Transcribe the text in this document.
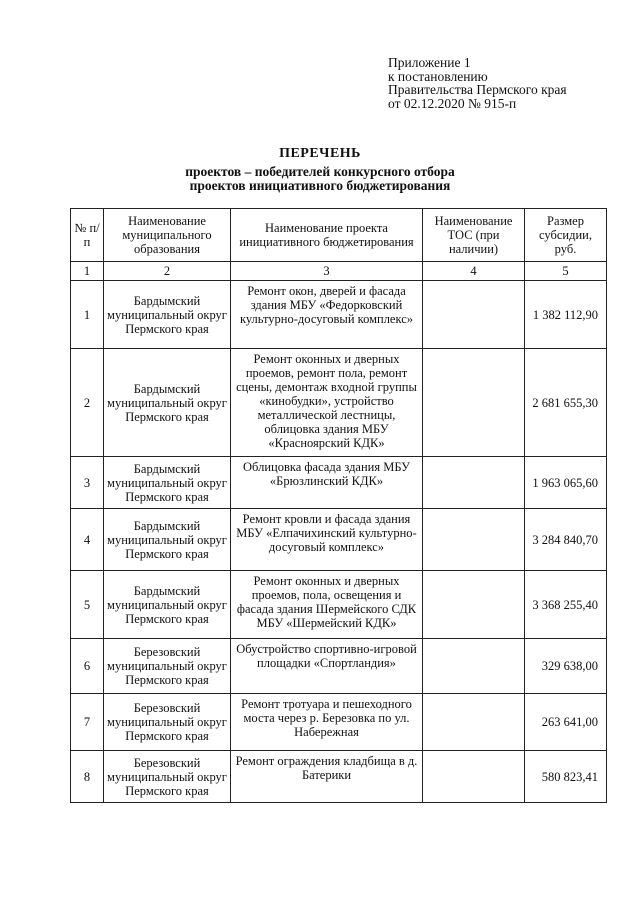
Приложение 1
к постановлению
Правительства Пермского края
от 02.12.2020 № 915-п
ПЕРЕЧЕНЬ
проектов – победителей конкурсного отбора
проектов инициативного бюджетирования
№ п/п	Наименование муниципального образования	Наименование проекта инициативного бюджетирования	Наименование ТОС (при наличии)	Размер субсидии, руб.
1	2	3	4	5
1	Бардымский муниципальный округ Пермского края	Ремонт окон, дверей и фасада здания МБУ «Федорковский культурно-досуговый комплекс»		1 382 112,90
2	Бардымский муниципальный округ Пермского края	Ремонт оконных и дверных проемов, ремонт пола, ремонт сцены, демонтаж входной группы «кинобудки», устройство металлической лестницы, облицовка здания МБУ «Красноярский КДК»		2 681 655,30
3	Бардымский муниципальный округ Пермского края	Облицовка фасада здания МБУ «Брюзлинский КДК»		1 963 065,60
4	Бардымский муниципальный округ Пермского края	Ремонт кровли и фасада здания МБУ «Елпачихинский культурно-досуговый комплекс»		3 284 840,70
5	Бардымский муниципальный округ Пермского края	Ремонт оконных и дверных проемов, пола, освещения и фасада здания Шермейского СДК МБУ «Шермейский КДК»		3 368 255,40
6	Березовский муниципальный округ Пермского края	Обустройство спортивно-игровой площадки «Спортландия»		329 638,00
7	Березовский муниципальный округ Пермского края	Ремонт тротуара и пешеходного моста через р. Березовка по ул. Набережная		263 641,00
8	Березовский муниципальный округ Пермского края	Ремонт ограждения кладбища в д. Батерики		580 823,41
